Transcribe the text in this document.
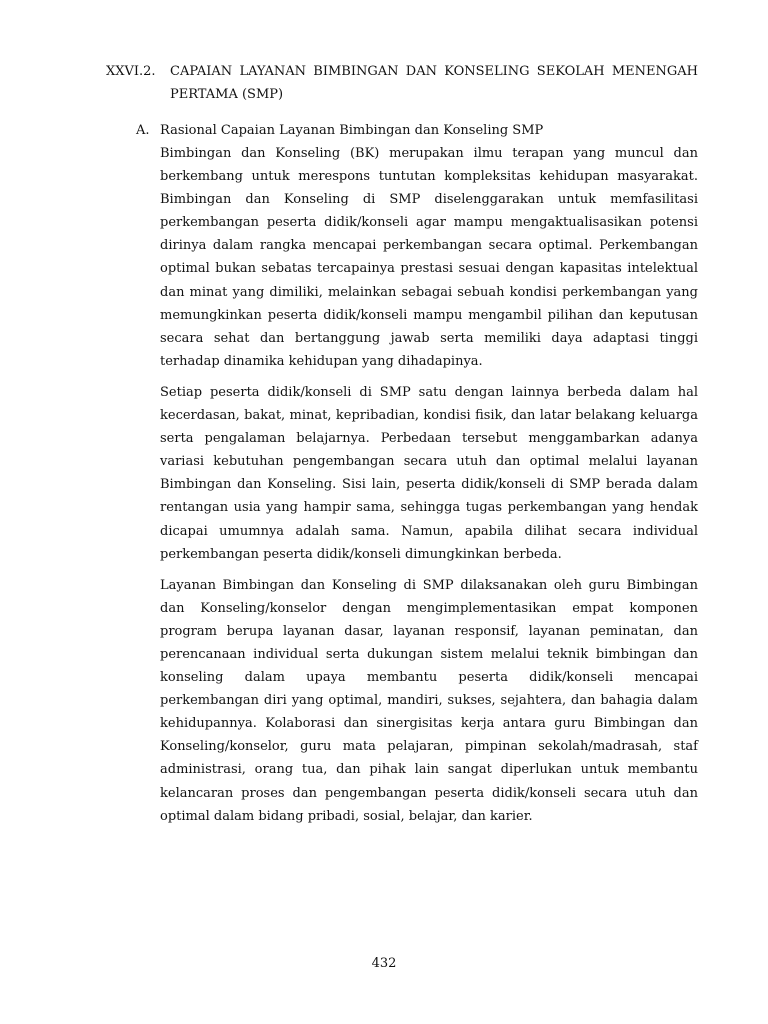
XXVI.2.	CAPAIAN LAYANAN BIMBINGAN DAN KONSELING SEKOLAH MENENGAH PERTAMA (SMP)
A. Rasional Capaian Layanan Bimbingan dan Konseling SMP

Bimbingan dan Konseling (BK) merupakan ilmu terapan yang muncul dan berkembang untuk merespons tuntutan kompleksitas kehidupan masyarakat. Bimbingan dan Konseling di SMP diselenggarakan untuk memfasilitasi perkembangan peserta didik/konseli agar mampu mengaktualisasikan potensi dirinya dalam rangka mencapai perkembangan secara optimal. Perkembangan optimal bukan sebatas tercapainya prestasi sesuai dengan kapasitas intelektual dan minat yang dimiliki, melainkan sebagai sebuah kondisi perkembangan yang memungkinkan peserta didik/konseli mampu mengambil pilihan dan keputusan secara sehat dan bertanggung jawab serta memiliki daya adaptasi tinggi terhadap dinamika kehidupan yang dihadapinya.

Setiap peserta didik/konseli di SMP satu dengan lainnya berbeda dalam hal kecerdasan, bakat, minat, kepribadian, kondisi fisik, dan latar belakang keluarga serta pengalaman belajarnya. Perbedaan tersebut menggambarkan adanya variasi kebutuhan pengembangan secara utuh dan optimal melalui layanan Bimbingan dan Konseling. Sisi lain, peserta didik/konseli di SMP berada dalam rentangan usia yang hampir sama, sehingga tugas perkembangan yang hendak dicapai umumnya adalah sama. Namun, apabila dilihat secara individual perkembangan peserta didik/konseli dimungkinkan berbeda.

Layanan Bimbingan dan Konseling di SMP dilaksanakan oleh guru Bimbingan dan Konseling/konselor dengan mengimplementasikan empat komponen program berupa layanan dasar, layanan responsif, layanan peminatan, dan perencanaan individual serta dukungan sistem melalui teknik bimbingan dan konseling dalam upaya membantu peserta didik/konseli mencapai perkembangan diri yang optimal, mandiri, sukses, sejahtera, dan bahagia dalam kehidupannya. Kolaborasi dan sinergisitas kerja antara guru Bimbingan dan Konseling/konselor, guru mata pelajaran, pimpinan sekolah/madrasah, staf administrasi, orang tua, dan pihak lain sangat diperlukan untuk membantu kelancaran proses dan pengembangan peserta didik/konseli secara utuh dan optimal dalam bidang pribadi, sosial, belajar, dan karier.

432
